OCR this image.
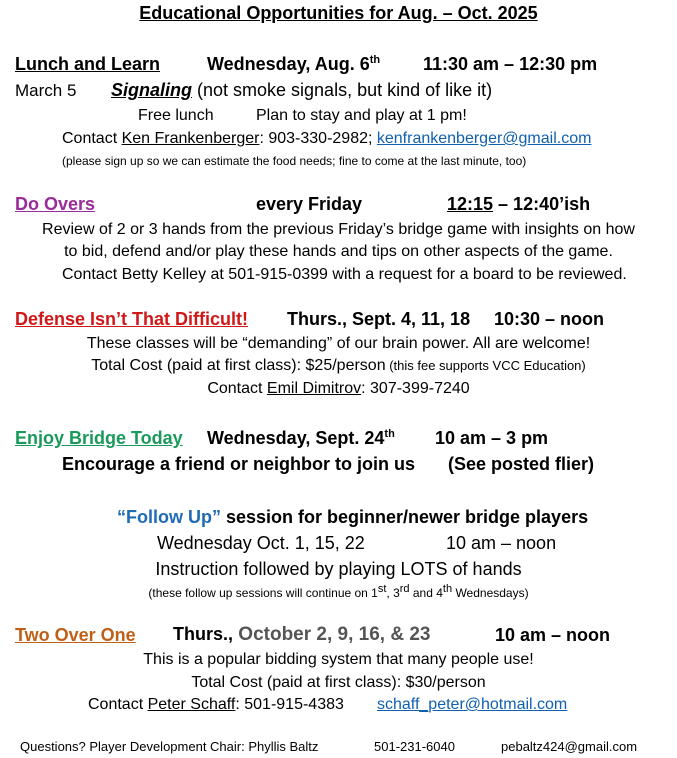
Educational Opportunities for Aug. – Oct. 2025
Lunch and Learn	Wednesday, Aug. 6th 11:30 am – 12:30 pm
March 5 Signaling (not smoke signals, but kind of like it)
Free lunch	Plan to stay and play at 1 pm!
Contact Ken Frankenberger: 903-330-2982; kenfrankenberger@gmail.com
(please sign up so we can estimate the food needs; fine to come at the last minute, too)
Do Overs	every Friday	12:15 – 12:40’ish
Review of 2 or 3 hands from the previous Friday’s bridge game with insights on how
to bid, defend and/or play these hands and tips on other aspects of the game.
Contact Betty Kelley at 501-915-0399 with a request for a board to be reviewed.
Defense Isn’t That Difficult! Thurs., Sept. 4, 11, 18 10:30 – noon
These classes will be “demanding” of our brain power. All are welcome!
Total Cost (paid at first class): $25/person (this fee supports VCC Education)
Contact Emil Dimitrov: 307-399-7240
Enjoy Bridge Today Wednesday, Sept. 24th 10 am – 3 pm
Encourage a friend or neighbor to join us (See posted flier)
“Follow Up” session for beginner/newer bridge players
Wednesday Oct. 1, 15, 22	10 am – noon
Instruction followed by playing LOTS of hands
(these follow up sessions will continue on 1st, 3rd and 4th Wednesdays)
Two Over One Thurs., October 2, 9, 16, & 23	10 am – noon
This is a popular bidding system that many people use!
Total Cost (paid at first class): $30/person
Contact Peter Schaff: 501-915-4383 schaff_peter@hotmail.com
Questions? Player Development Chair: Phyllis Baltz	501-231-6040	pebaltz424@gmail.com
